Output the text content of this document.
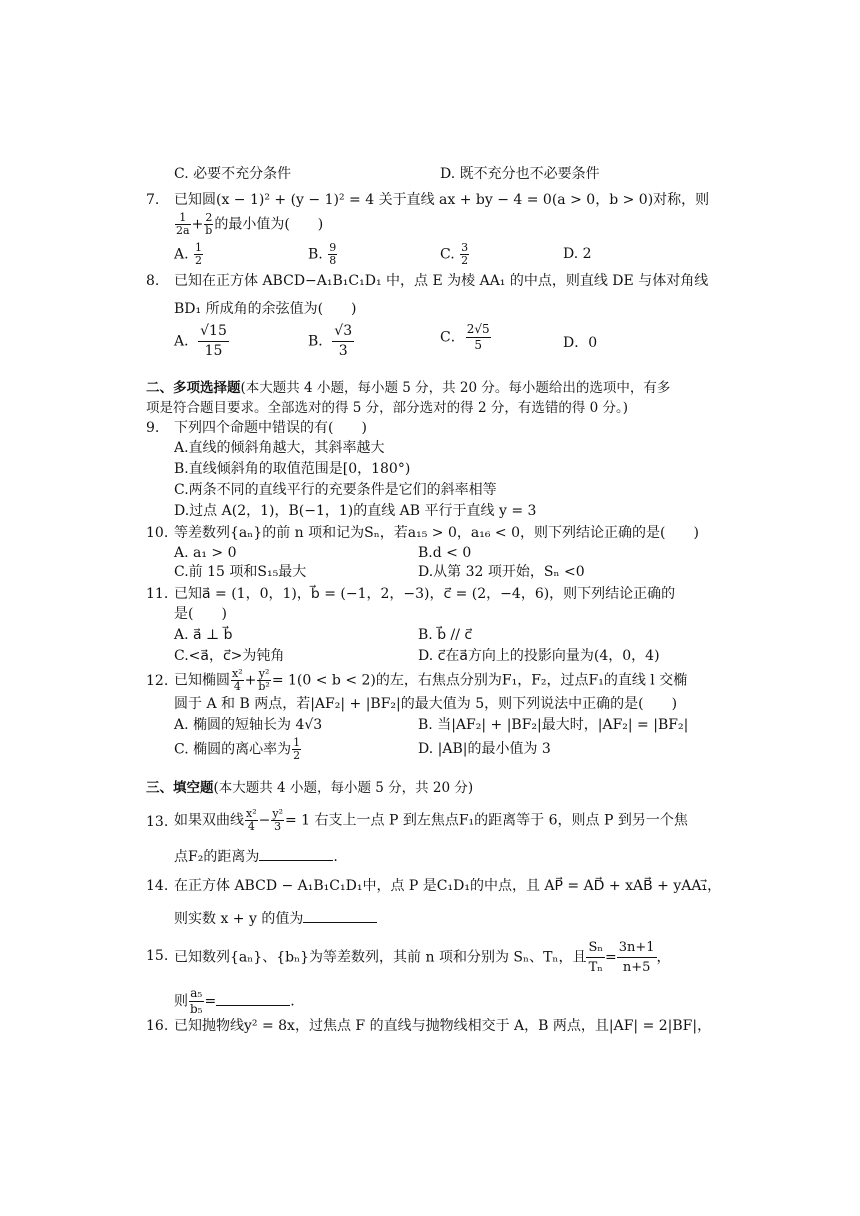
C. 必要不充分条件	D. 既不充分也不必要条件
7. 已知圆(x − 1)² + (y − 1)² = 4 关于直线 ax + by − 4 = 0(a > 0，b > 0)对称，则
$\frac{1}{2a} + \frac{2}{b}$ 的最小值为(　　)
A. $\frac{1}{2}$	B. $\frac{9}{8}$	C. $\frac{3}{2}$	D. 2
8. 已知在正方体 ABCD−A₁B₁C₁D₁ 中，点 E 为棱 AA₁ 的中点，则直线 DE 与体对角线
BD₁ 所成角的余弦值为(　　)
A． $\frac{√15}{15}$	B． $\frac{√3}{3}$	C． $\frac{2√5}{5}$	D．0
二、多项选择题(本大题共 4 小题，每小题 5 分，共 20 分。每小题给出的选项中，有多
项是符合题目要求。全部选对的得 5 分，部分选对的得 2 分，有选错的得 0 分。)
9. 下列四个命题中错误的有(　　)
A.直线的倾斜角越大，其斜率越大
B.直线倾斜角的取值范围是[0，180°)
C.两条不同的直线平行的充要条件是它们的斜率相等
D.过点 A(2，1)，B(−1，1)的直线 AB 平行于直线 y = 3
10. 等差数列{aₙ}的前 n 项和记为Sₙ，若a₁₅ > 0，a₁₆ < 0，则下列结论正确的是(　　)
A. a₁ > 0	B.d < 0
C.前 15 项和S₁₅最大	D.从第 32 项开始，Sₙ <0
11. 已知a⃗ = (1，0，1)，b⃗ = (−1，2，−3)，c⃗ = (2，−4，6)，则下列结论正确的
是(　　)
A. a⃗ ⊥ b⃗	B. b⃗ // c⃗
C.<a⃗，c⃗>为钝角	D. c⃗在a⃗方向上的投影向量为(4，0，4)
12. 已知椭圆 $\frac{\text{x²}}{4} + \frac{\text{y²}}{\text{b²}} = 1(0 < b < 2)$的左，右焦点分别为F₁，F₂，过点F₁的直线 l 交椭
圆于 A 和 B 两点，若|AF₂| + |BF₂|的最大值为 5，则下列说法中正确的是(　　)
A. 椭圆的短轴长为 4√3	B. 当|AF₂| + |BF₂|最大时，|AF₂| = |BF₂|
C. 椭圆的离心率为 $\frac{1}{2}$	D. |AB|的最小值为 3
三、填空题(本大题共 4 小题，每小题 5 分，共 20 分)
13. 如果双曲线 $\frac{\text{x²}}{4} - \frac{\text{y²}}{3} = 1$ 右支上一点 P 到左焦点F₁的距离等于 6，则点 P 到另一个焦
点F₂的距离为	.
14. 在正方体 ABCD − A₁B₁C₁D₁中，点 P 是C₁D₁的中点，且 AP⃗ = AD⃗ + xAB⃗ + yAA₁⃗，
则实数 x + y 的值为
15. 已知数列{aₙ}、{bₙ}为等差数列，其前 n 项和分别为 Sₙ、Tₙ，且 $\frac{\text{Sₙ}}{\text{Tₙ}} = \frac{3n+1}{n+5}$ ，
则 $\frac{\text{a₅}}{\text{b₅}}$ =	.
16. 已知抛物线y² = 8x，过焦点 F 的直线与抛物线相交于 A，B 两点，且|AF| = 2|BF|，
